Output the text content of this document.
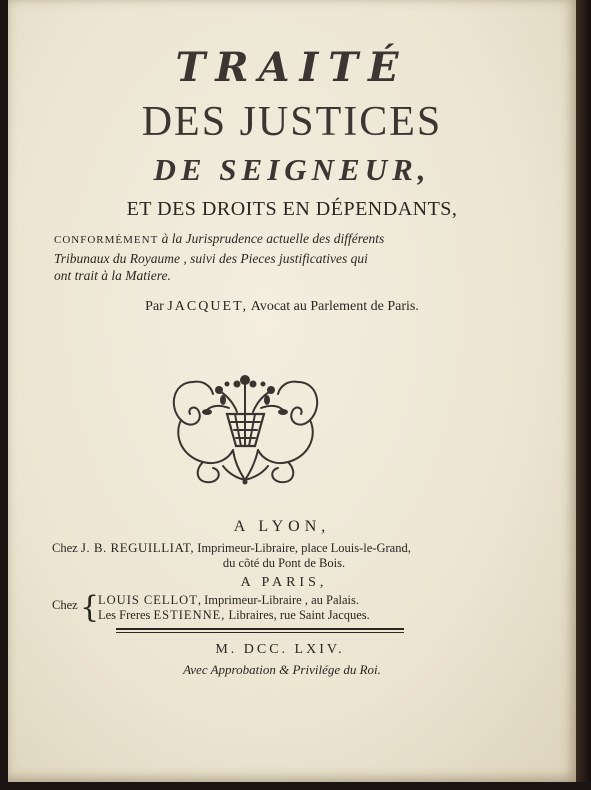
TRAITÉ
DES JUSTICES
DE SEIGNEUR,
ET DES DROITS EN DÉPENDANTS,
CONFORMÉMENT à la Jurisprudence actuelle des différents
Tribunaux du Royaume , suivi des Pieces justificatives qui
ont trait à la Matiere.
Par JACQUET, Avocat au Parlement de Paris.
A LYON,
Chez J. B. REGUILLIAT, Imprimeur-Libraire, place Louis-le-Grand,
du côté du Pont de Bois.
A PARIS,
Chez {
LOUIS CELLOT, Imprimeur-Libraire , au Palais.
Les Freres ESTIENNE, Libraires, rue Saint Jacques.
M. DCC. LXIV.
Avec Approbation & Privilége du Roi.
